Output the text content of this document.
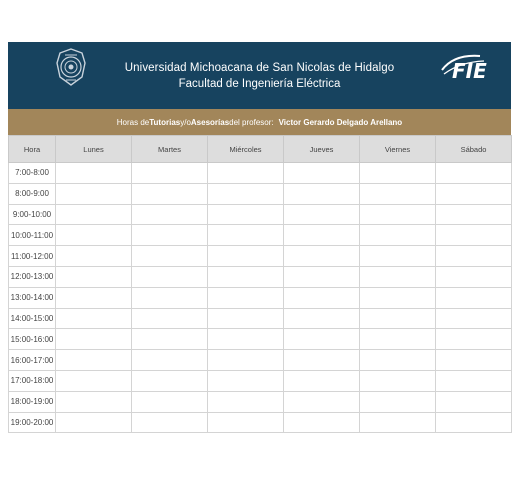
Universidad Michoacana de San Nicolas de Hidalgo
Facultad de Ingeniería Eléctrica
FIE
Horas de Tutorias y/o Asesorías del profesor: Victor Gerardo Delgado Arellano
Hora	Lunes	Martes	Miércoles	Jueves	Viernes	Sábado
7:00-8:00						
8:00-9:00						
9:00-10:00						
10:00-11:00						
11:00-12:00						
12:00-13:00						
13:00-14:00						
14:00-15:00						
15:00-16:00						
16:00-17:00						
17:00-18:00						
18:00-19:00						
19:00-20:00						
